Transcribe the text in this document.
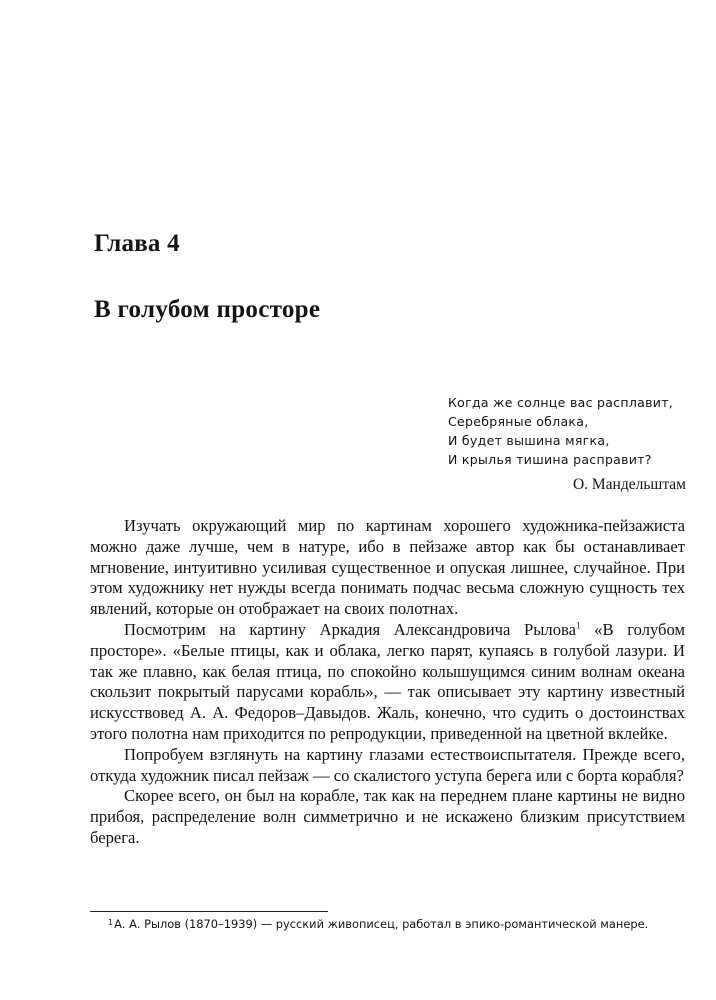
Глава 4
В голубом просторе
Когда же солнце вас расплавит,
Серебряные облака,
И будет вышина мягка,
И крылья тишина расправит?
О. Мандельштам

Изучать окружающий мир по картинам хорошего художника-пейзажиста можно даже лучше, чем в натуре, ибо в пейзаже автор как бы останавливает мгновение, интуитивно усиливая существенное и опуская лишнее, случайное. При этом художнику нет нужды всегда понимать подчас весьма сложную сущность тех явлений, которые он отображает на своих полотнах.

Посмотрим на картину Аркадия Александровича Рылова$^1$ «В голубом просторе». «Белые птицы, как и облака, легко парят, купаясь в голубой лазури. И так же плавно, как белая птица, по спокойно колышущимся синим волнам океана скользит покрытый парусами корабль», — так описывает эту картину известный искусствовед А. А. Федоров–Давыдов. Жаль, конечно, что судить о достоинствах этого полотна нам приходится по репродукции, приведенной на цветной вклейке.

Попробуем взглянуть на картину глазами естествоиспытателя. Прежде всего, откуда художник писал пейзаж — со скалистого уступа берега или с борта корабля?

Скорее всего, он был на корабле, так как на переднем плане картины не видно прибоя, распределение волн симметрично и не искажено близким присутствием берега.

$^1$А. А. Рылов (1870–1939) — русский живописец, работал в эпико-романтической манере.
